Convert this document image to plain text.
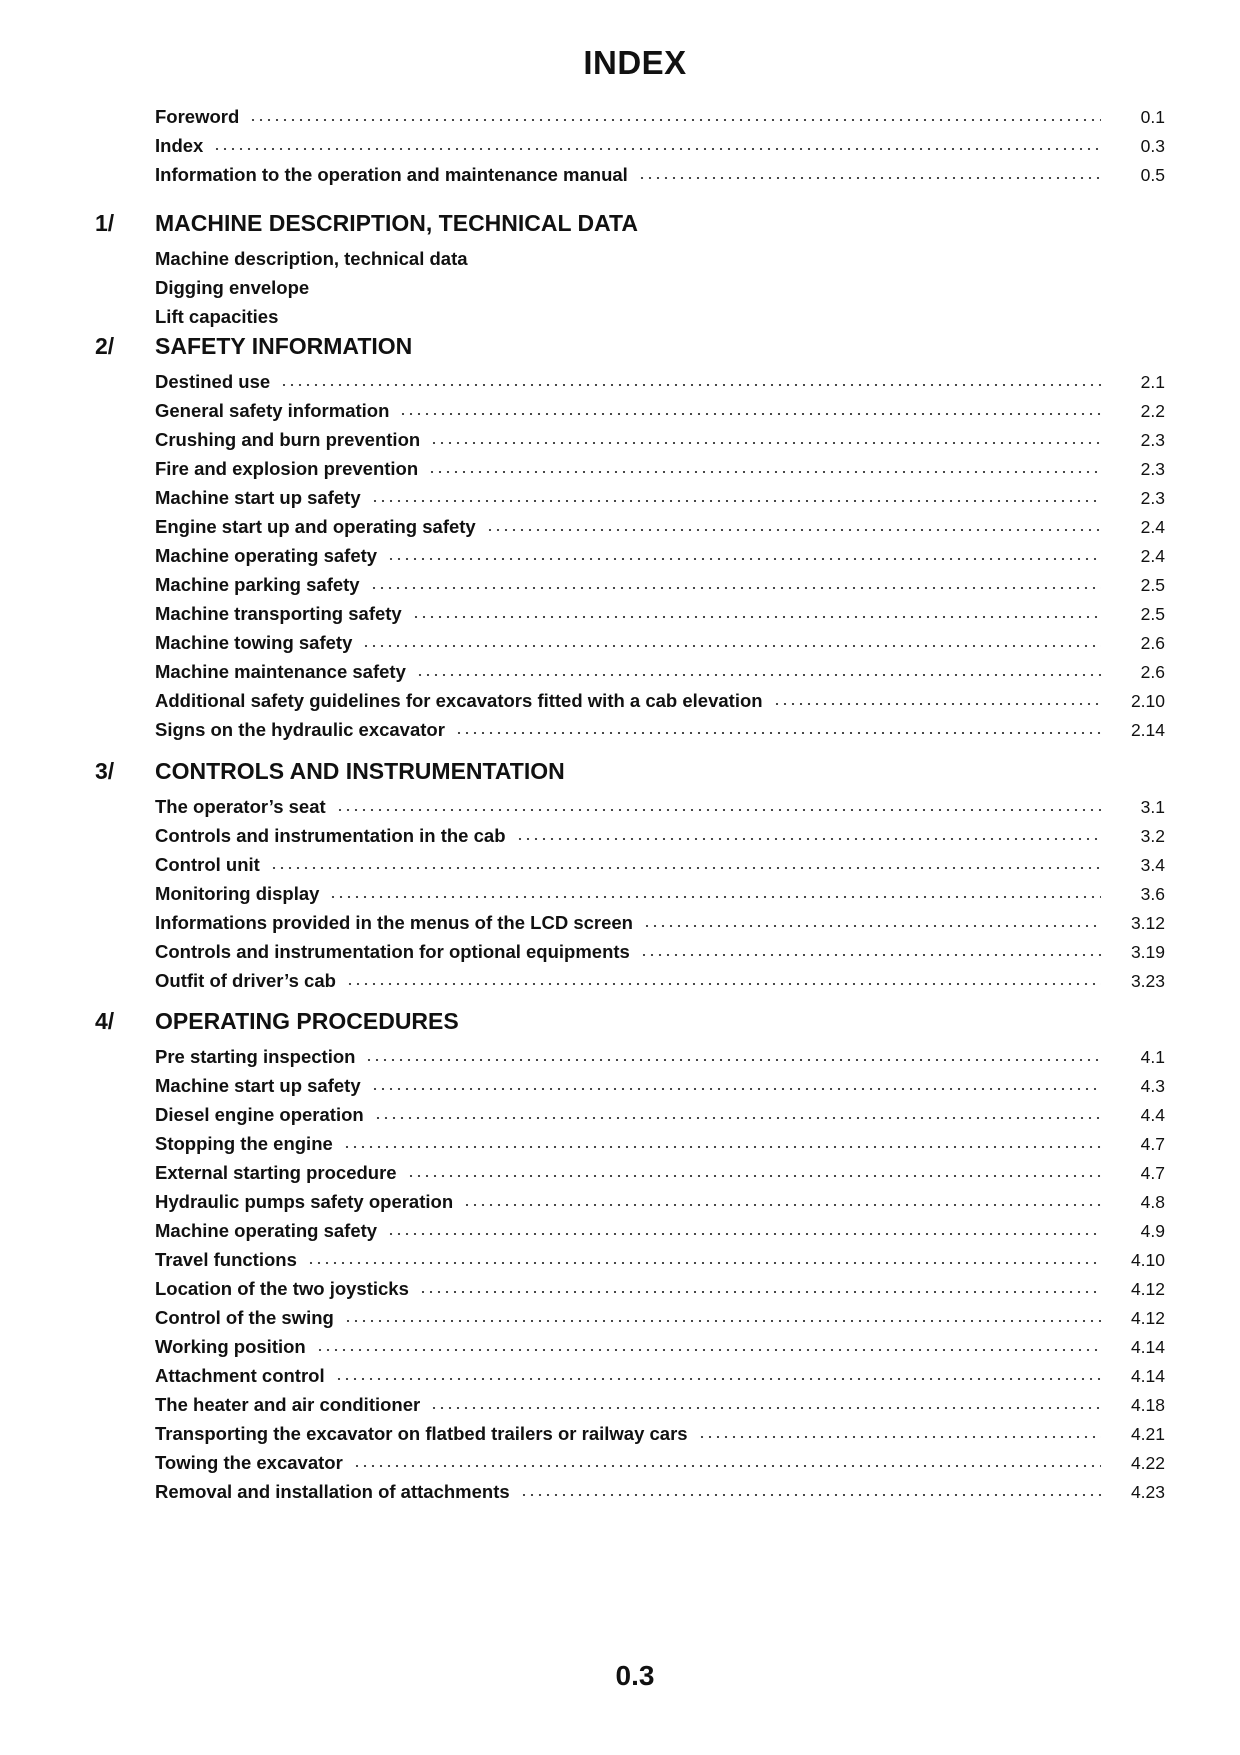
INDEX
Foreword	0.1
Index	0.3
Information to the operation and maintenance manual	0.5
1/ MACHINE DESCRIPTION, TECHNICAL DATA
Machine description, technical data
Digging envelope
Lift capacities
2/ SAFETY INFORMATION
Destined use	2.1
General safety information	2.2
Crushing and burn prevention	2.3
Fire and explosion prevention	2.3
Machine start up safety	2.3
Engine start up and operating safety	2.4
Machine operating safety	2.4
Machine parking safety	2.5
Machine transporting safety	2.5
Machine towing safety	2.6
Machine maintenance safety	2.6
Additional safety guidelines for excavators fitted with a cab elevation	2.10
Signs on the hydraulic excavator	2.14
3/ CONTROLS AND INSTRUMENTATION
The operator’s seat	3.1
Controls and instrumentation in the cab	3.2
Control unit	3.4
Monitoring display	3.6
Informations provided in the menus of the LCD screen	3.12
Controls and instrumentation for optional equipments	3.19
Outfit of driver’s cab	3.23
4/ OPERATING PROCEDURES
Pre starting inspection	4.1
Machine start up safety	4.3
Diesel engine operation	4.4
Stopping the engine	4.7
External starting procedure	4.7
Hydraulic pumps safety operation	4.8
Machine operating safety	4.9
Travel functions	4.10
Location of the two joysticks	4.12
Control of the swing	4.12
Working position	4.14
Attachment control	4.14
The heater and air conditioner	4.18
Transporting the excavator on flatbed trailers or railway cars	4.21
Towing the excavator	4.22
Removal and installation of attachments	4.23
0.3
